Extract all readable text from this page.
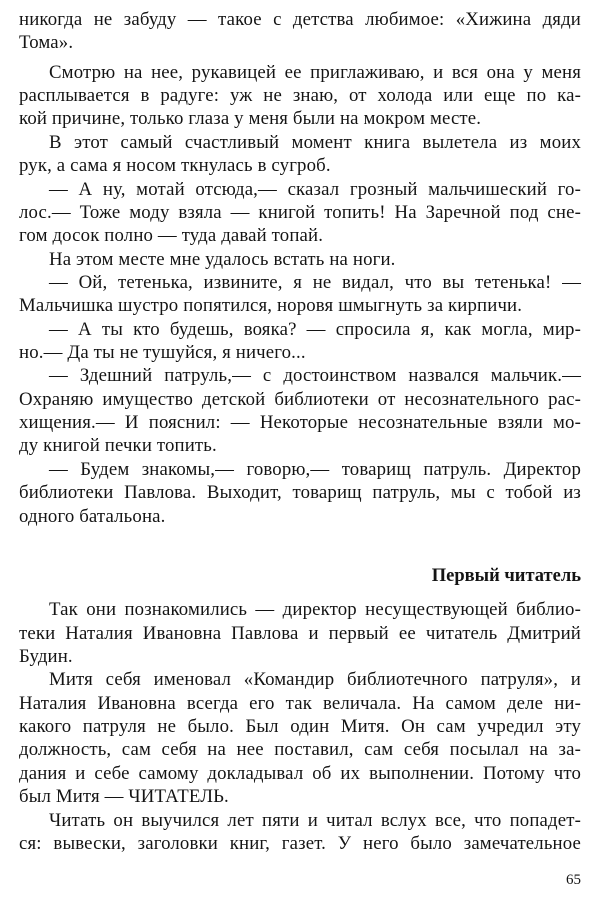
никогда не забуду — такое с детства любимое: «Хижина дяди

Тома».

Смотрю на нее, рукавицей ее приглаживаю, и вся она у меня

расплывается в радуге: уж не знаю, от холода или еще по ка-

кой причине, только глаза у меня были на мокром месте.

В этот самый счастливый момент книга вылетела из моих

рук, а сама я носом ткнулась в сугроб.

— А ну, мотай отсюда,— сказал грозный мальчишеский го-

лос.— Тоже моду взяла — книгой топить! На Заречной под сне-

гом досок полно — туда давай топай.

На этом месте мне удалось встать на ноги.

— Ой, тетенька, извините, я не видал, что вы тетенька! —

Мальчишка шустро попятился, норовя шмыгнуть за кирпичи.

— А ты кто будешь, вояка? — спросила я, как могла, мир-

но.— Да ты не тушуйся, я ничего...

— Здешний патруль,— с достоинством назвался мальчик.—

Охраняю имущество детской библиотеки от несознательного рас-

хищения.— И пояснил: — Некоторые несознательные взяли мо-

ду книгой печки топить.

— Будем знакомы,— говорю,— товарищ патруль. Директор

библиотеки Павлова. Выходит, товарищ патруль, мы с тобой из

одного батальона.

Первый читатель

Так они познакомились — директор несуществующей библио-

теки Наталия Ивановна Павлова и первый ее читатель Дмитрий

Будин.

Митя себя именовал «Командир библиотечного патруля», и

Наталия Ивановна всегда его так величала. На самом деле ни-

какого патруля не было. Был один Митя. Он сам учредил эту

должность, сам себя на нее поставил, сам себя посылал на за-

дания и себе самому докладывал об их выполнении. Потому что

был Митя — ЧИТАТЕЛЬ.

Читать он выучился лет пяти и читал вслух все, что попадет-

ся: вывески, заголовки книг, газет. У него было замечательное

65
